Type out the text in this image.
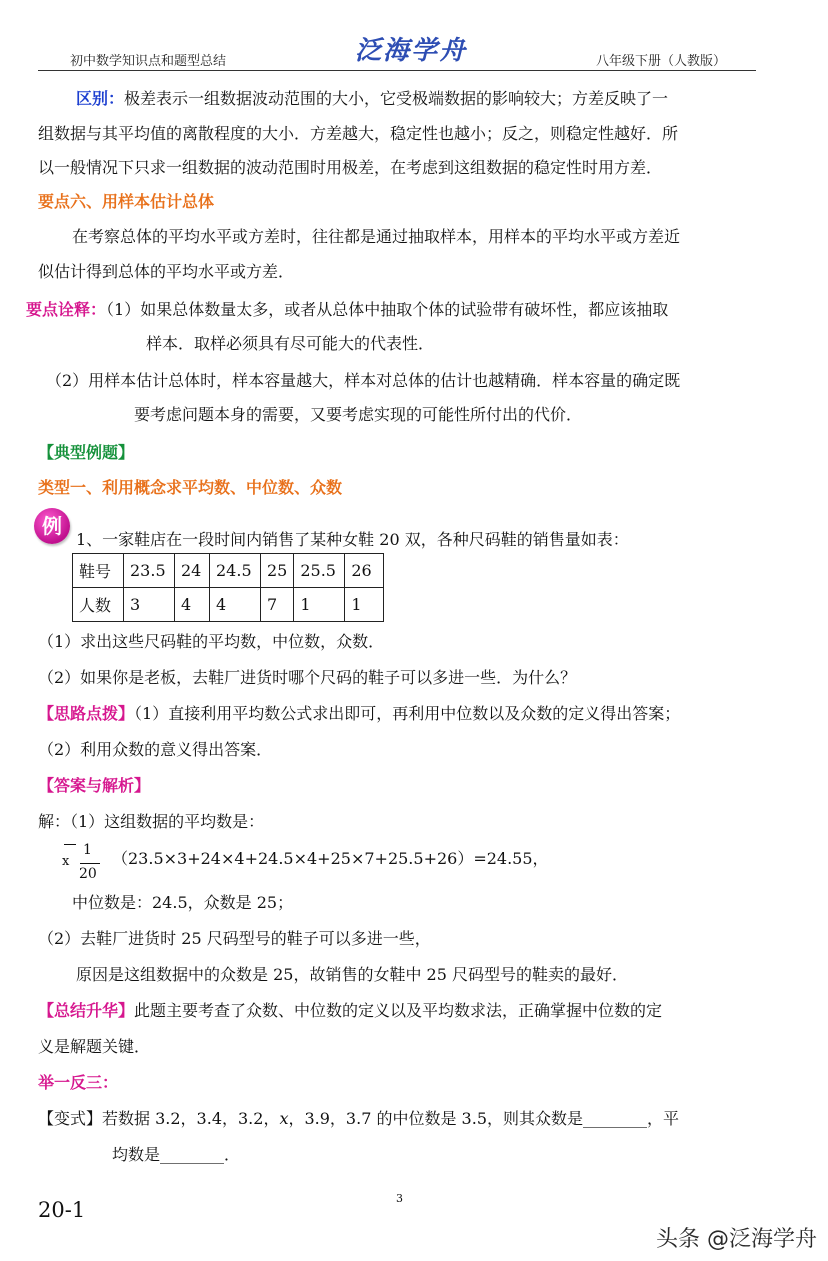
初中数学知识点和题型总结	泛海学舟	八年级下册（人教版）
区别：极差表示一组数据波动范围的大小，它受极端数据的影响较大；方差反映了一
组数据与其平均值的离散程度的大小．方差越大，稳定性也越小；反之，则稳定性越好．所
以一般情况下只求一组数据的波动范围时用极差，在考虑到这组数据的稳定性时用方差．
要点六、用样本估计总体
在考察总体的平均水平或方差时，往往都是通过抽取样本，用样本的平均水平或方差近
似估计得到总体的平均水平或方差．
要点诠释：（1）如果总体数量太多，或者从总体中抽取个体的试验带有破坏性，都应该抽取
样本．取样必须具有尽可能大的代表性．
（2）用样本估计总体时，样本容量越大，样本对总体的估计也越精确．样本容量的确定既
要考虑问题本身的需要，又要考虑实现的可能性所付出的代价．
【典型例题】
类型一、利用概念求平均数、中位数、众数
例
1、一家鞋店在一段时间内销售了某种女鞋 20 双，各种尺码鞋的销售量如表：
鞋号	23.5	24	24.5	25	25.5	26
人数	3	4	4	7	1	1
（1）求出这些尺码鞋的平均数，中位数，众数．
（2）如果你是老板，去鞋厂进货时哪个尺码的鞋子可以多进一些．为什么？
【思路点拨】（1）直接利用平均数公式求出即可，再利用中位数以及众数的定义得出答案；
（2）利用众数的意义得出答案．
【答案与解析】
解：（1）这组数据的平均数是：
x
1
20
（23.5×3+24×4+24.5×4+25×7+25.5+26）=24.55，
中位数是：24.5，众数是 25；
（2）去鞋厂进货时 25 尺码型号的鞋子可以多进一些，
原因是这组数据中的众数是 25，故销售的女鞋中 25 尺码型号的鞋卖的最好．
【总结升华】此题主要考查了众数、中位数的定义以及平均数求法，正确掌握中位数的定
义是解题关键．
举一反三：
【变式】若数据 3.2，3.4，3.2，x，3.9，3.7 的中位数是 3.5，则其众数是________，平
均数是________．
20-1	3
头条 @泛海学舟
